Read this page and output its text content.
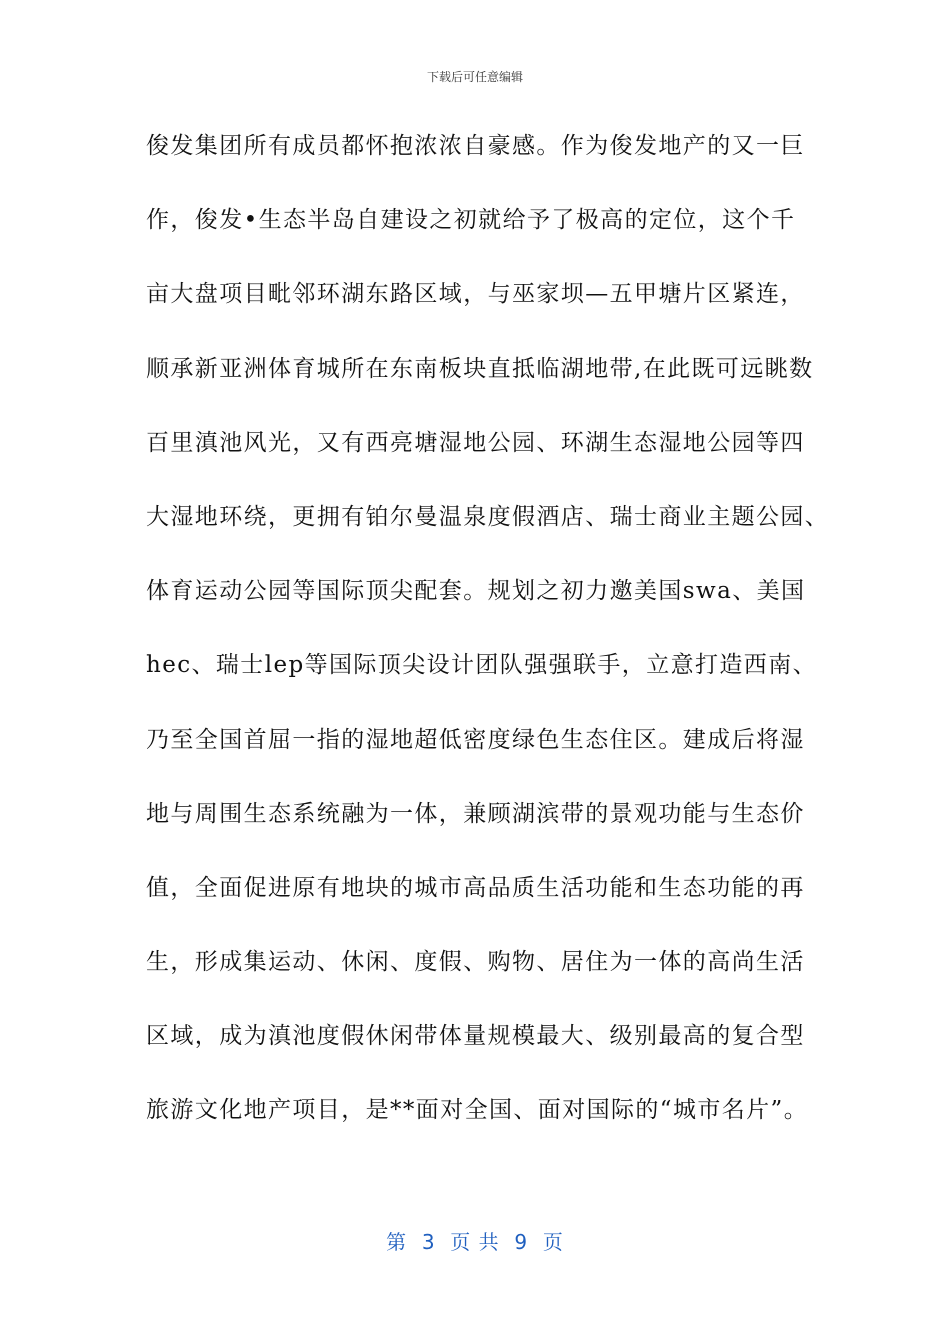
下载后可任意编辑
俊发集团所有成员都怀抱浓浓自豪感。作为俊发地产的又一巨
作，俊发•生态半岛自建设之初就给予了极高的定位，这个千
亩大盘项目毗邻环湖东路区域，与巫家坝—五甲塘片区紧连，
顺承新亚洲体育城所在东南板块直抵临湖地带,在此既可远眺数
百里滇池风光，又有西亮塘湿地公园、环湖生态湿地公园等四
大湿地环绕，更拥有铂尔曼温泉度假酒店、瑞士商业主题公园、
体育运动公园等国际顶尖配套。规划之初力邀美国swa、美国
hec、瑞士lep等国际顶尖设计团队强强联手，立意打造西南、
乃至全国首屈一指的湿地超低密度绿色生态住区。建成后将湿
地与周围生态系统融为一体，兼顾湖滨带的景观功能与生态价
值，全面促进原有地块的城市高品质生活功能和生态功能的再
生，形成集运动、休闲、度假、购物、居住为一体的高尚生活
区域，成为滇池度假休闲带体量规模最大、级别最高的复合型
旅游文化地产项目，是**面对全国、面对国际的“城市名片”。
第  3  页 共  9  页
